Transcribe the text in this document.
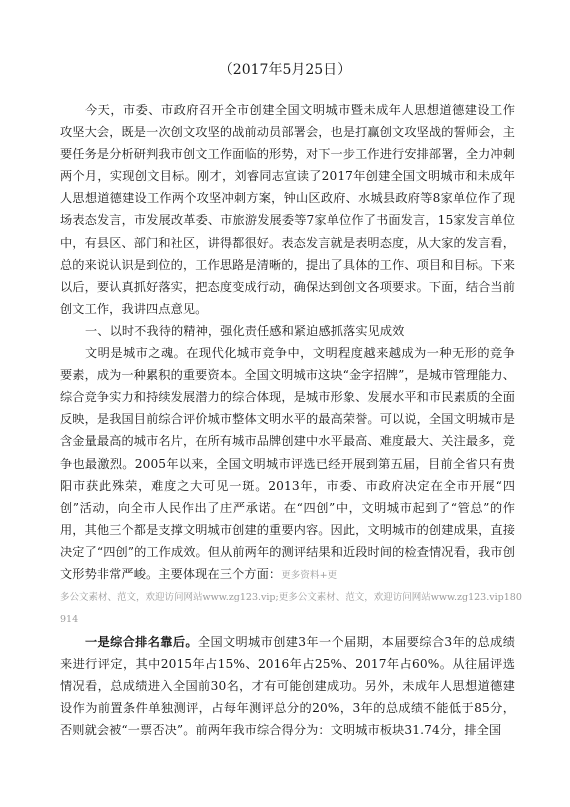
（2017年5月25日）

今天，市委、市政府召开全市创建全国文明城市暨未成年人思想道德建设工作攻坚大会，既是一次创文攻坚的战前动员部署会，也是打赢创文攻坚战的誓师会，主要任务是分析研判我市创文工作面临的形势，对下一步工作进行安排部署，全力冲刺两个月，实现创文目标。刚才，刘睿同志宣读了2017年创建全国文明城市和未成年人思想道德建设工作两个攻坚冲刺方案，钟山区政府、水城县政府等8家单位作了现场表态发言，市发展改革委、市旅游发展委等7家单位作了书面发言，15家发言单位中，有县区、部门和社区，讲得都很好。表态发言就是表明态度，从大家的发言看，总的来说认识是到位的，工作思路是清晰的，提出了具体的工作、项目和目标。下来以后，要认真抓好落实，把态度变成行动，确保达到创文各项要求。下面，结合当前创文工作，我讲四点意见。

一、以时不我待的精神，强化责任感和紧迫感抓落实见成效

文明是城市之魂。在现代化城市竞争中，文明程度越来越成为一种无形的竞争要素，成为一种累积的重要资本。全国文明城市这块“金字招牌”，是城市管理能力、综合竞争实力和持续发展潜力的综合体现，是城市形象、发展水平和市民素质的全面反映，是我国目前综合评价城市整体文明水平的最高荣誉。可以说，全国文明城市是含金量最高的城市名片，在所有城市品牌创建中水平最高、难度最大、关注最多，竞争也最激烈。2005年以来，全国文明城市评选已经开展到第五届，目前全省只有贵阳市获此殊荣，难度之大可见一斑。2013年，市委、市政府决定在全市开展“四创”活动，向全市人民作出了庄严承诺。在“四创”中，文明城市起到了“管总”的作用，其他三个都是支撑文明城市创建的重要内容。因此，文明城市的创建成果，直接决定了“四创”的工作成效。但从前两年的测评结果和近段时间的检查情况看，我市创文形势非常严峻。主要体现在三个方面：更多资料+更

多公文素材、范文，欢迎访问网站www.zg123.vip;更多公文素材、范文，欢迎访问网站www.zg123.vip180

914

一是综合排名靠后。全国文明城市创建3年一个届期，本届要综合3年的总成绩来进行评定，其中2015年占15%、2016年占25%、2017年占60%。从往届评选情况看，总成绩进入全国前30名，才有可能创建成功。另外，未成年人思想道德建设作为前置条件单独测评，占每年测评总分的20%，3年的总成绩不能低于85分，否则就会被“一票否决”。前两年我市综合得分为：文明城市板块31.74分，排全国
